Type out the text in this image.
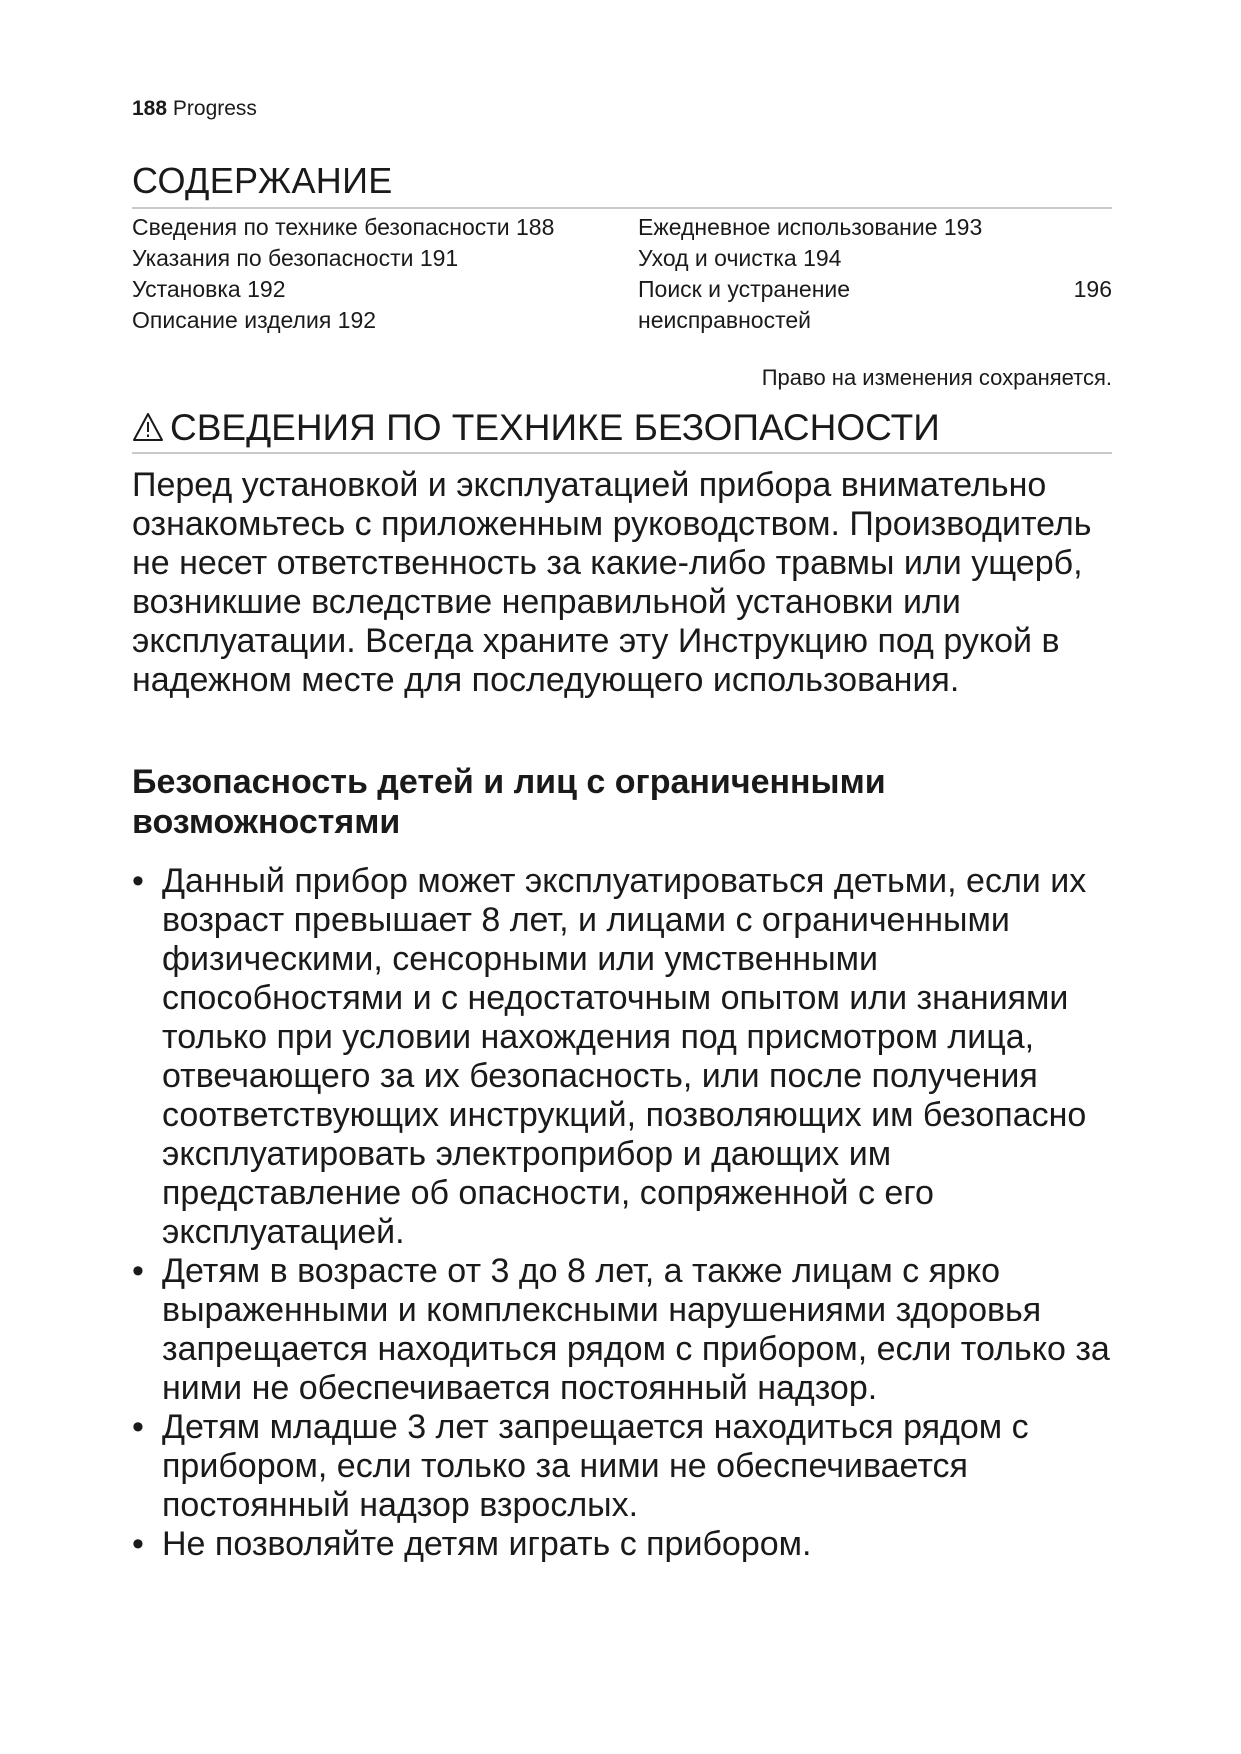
188 Progress
СОДЕРЖАНИЕ
Сведения по технике безопасности 188
Указания по безопасности 191
Установка 192
Описание изделия 192
Ежедневное использование 193
Уход и очистка 194
Поиск и устранение	196
неисправностей
Право на изменения сохраняется.
СВЕДЕНИЯ ПО ТЕХНИКЕ БЕЗОПАСНОСТИ
Перед установкой и эксплуатацией прибора внимательно ознакомьтесь с приложенным руководством. Производитель не несет ответственность за какие-либо травмы или ущерб, возникшие вследствие неправильной установки или эксплуатации. Всегда храните эту Инструкцию под рукой в надежном месте для последующего использования.
Безопасность детей и лиц с ограниченными возможностями
• Данный прибор может эксплуатироваться детьми, если их возраст превышает 8 лет, и лицами с ограниченными физическими, сенсорными или умственными способностями и с недостаточным опытом или знаниями только при условии нахождения под присмотром лица, отвечающего за их безопасность, или после получения соответствующих инструкций, позволяющих им безопасно эксплуатировать электроприбор и дающих им представление об опасности, сопряженной с его эксплуатацией.
• Детям в возрасте от 3 до 8 лет, а также лицам с ярко выраженными и комплексными нарушениями здоровья запрещается находиться рядом с прибором, если только за ними не обеспечивается постоянный надзор.
• Детям младше 3 лет запрещается находиться рядом с прибором, если только за ними не обеспечивается постоянный надзор взрослых.
• Не позволяйте детям играть с прибором.
